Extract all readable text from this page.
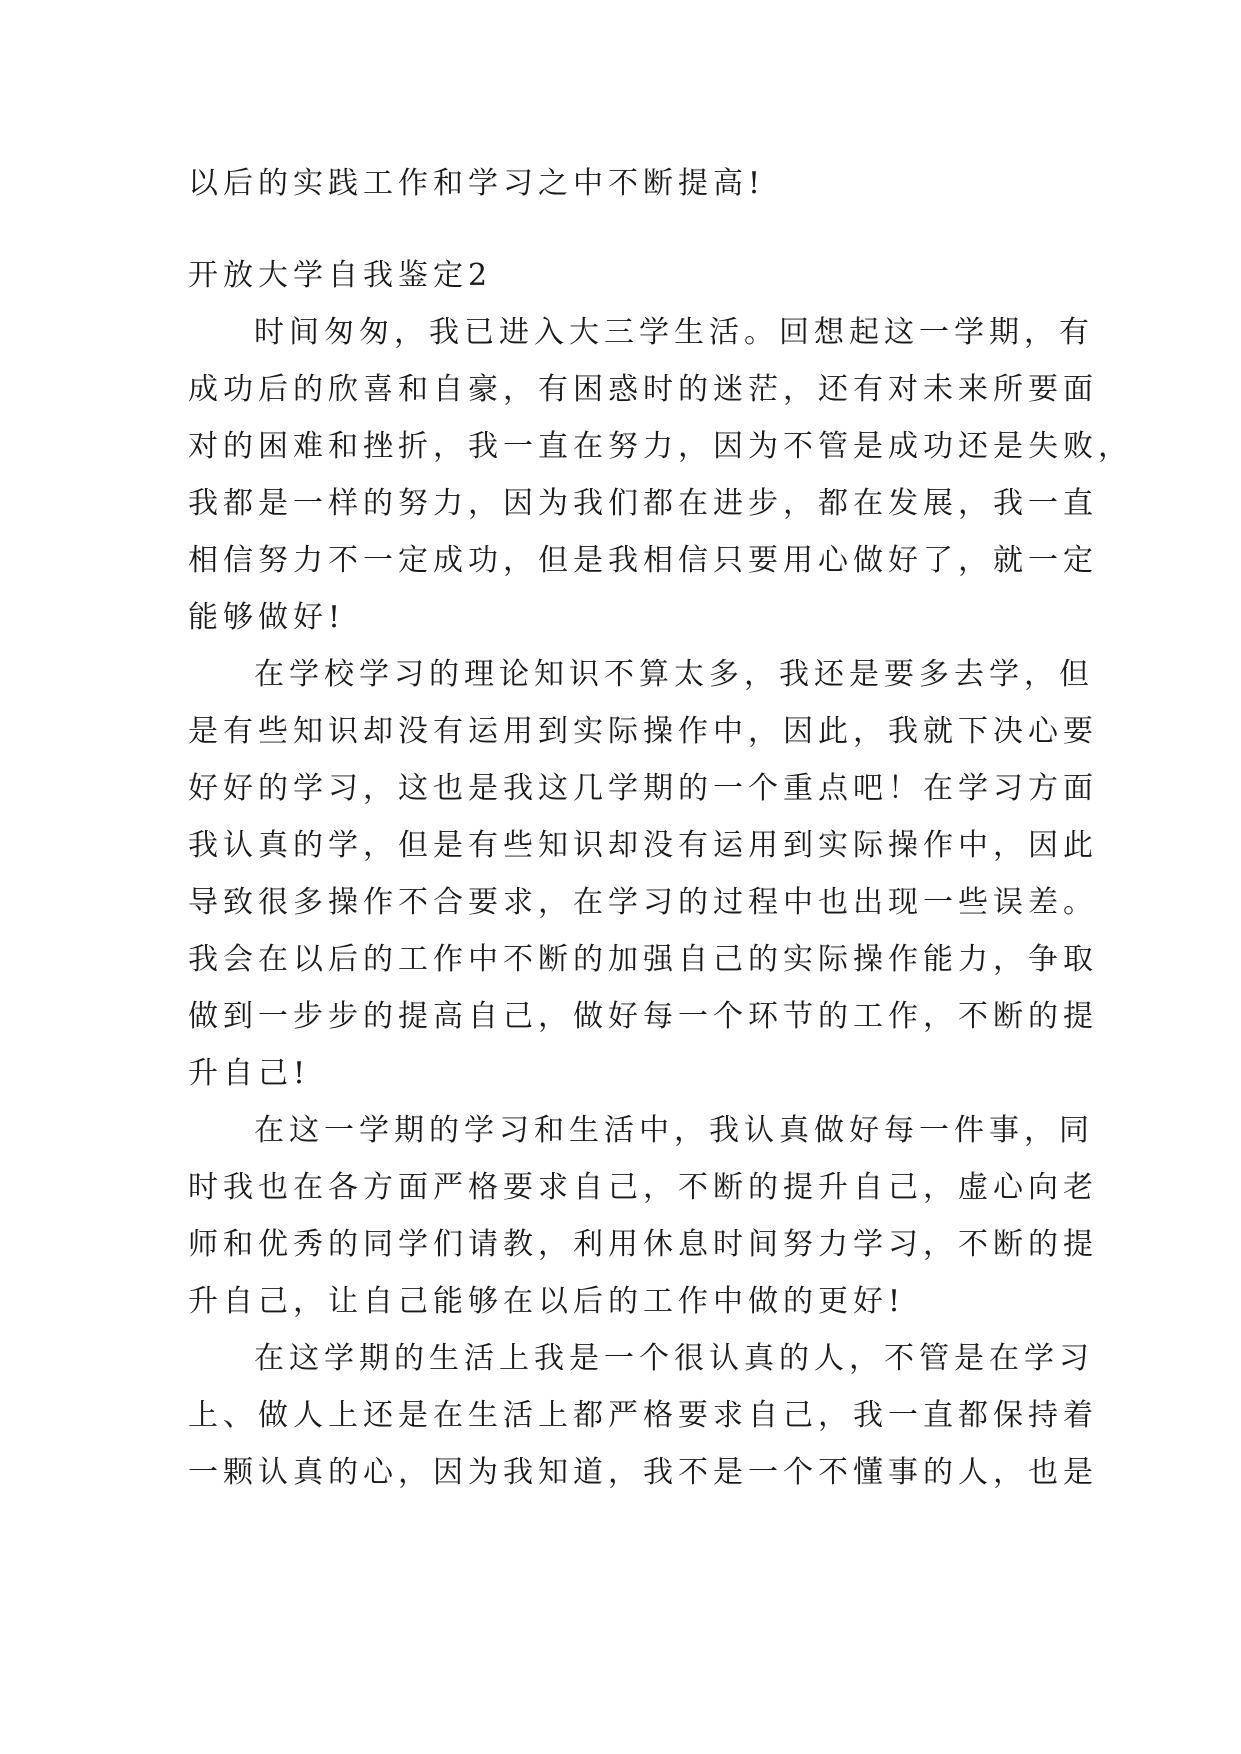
以后的实践工作和学习之中不断提高!
开放大学自我鉴定2
时间匆匆，我已进入大三学生活。回想起这一学期，有
成功后的欣喜和自豪，有困惑时的迷茫，还有对未来所要面
对的困难和挫折，我一直在努力，因为不管是成功还是失败，
我都是一样的努力，因为我们都在进步，都在发展，我一直
相信努力不一定成功，但是我相信只要用心做好了，就一定
能够做好!
在学校学习的理论知识不算太多，我还是要多去学，但
是有些知识却没有运用到实际操作中，因此，我就下决心要
好好的学习，这也是我这几学期的一个重点吧！在学习方面
我认真的学，但是有些知识却没有运用到实际操作中，因此
导致很多操作不合要求，在学习的过程中也出现一些误差。
我会在以后的工作中不断的加强自己的实际操作能力，争取
做到一步步的提高自己，做好每一个环节的工作，不断的提
升自己!
在这一学期的学习和生活中，我认真做好每一件事，同
时我也在各方面严格要求自己，不断的提升自己，虚心向老
师和优秀的同学们请教，利用休息时间努力学习，不断的提
升自己，让自己能够在以后的工作中做的更好!
在这学期的生活上我是一个很认真的人，不管是在学习
上、做人上还是在生活上都严格要求自己，我一直都保持着
一颗认真的心，因为我知道，我不是一个不懂事的人，也是
